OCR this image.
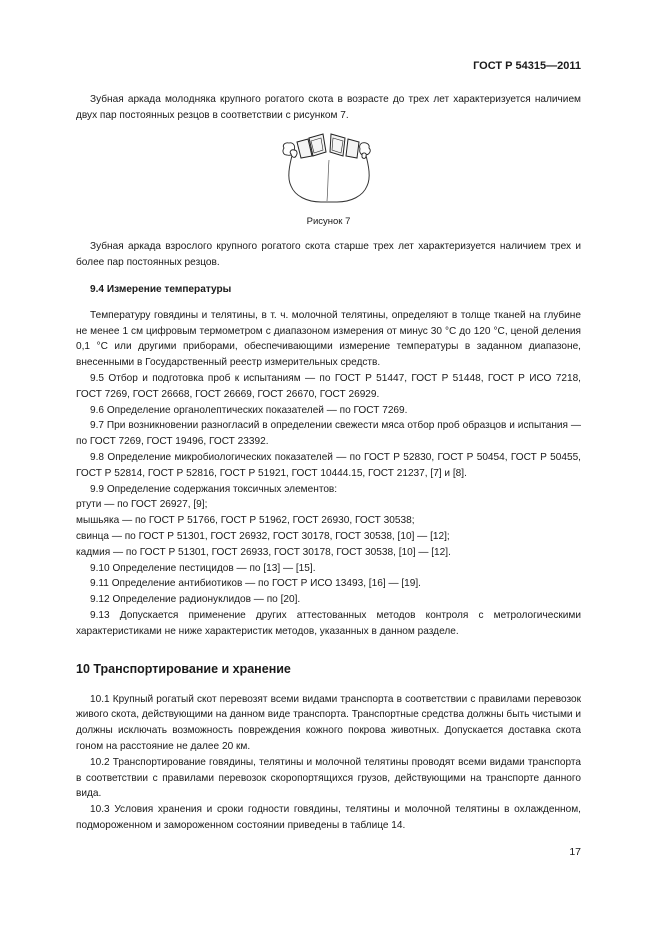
ГОСТ Р 54315—2011
Зубная аркада молодняка крупного рогатого скота в возрасте до трех лет характеризуется наличием двух пар постоянных резцов в соответствии с рисунком 7.
Рисунок 7
Зубная аркада взрослого крупного рогатого скота старше трех лет характеризуется наличием трех и более пар постоянных резцов.
9.4 Измерение температуры
Температуру говядины и телятины, в т. ч. молочной телятины, определяют в толще тканей на глубине не менее 1 см цифровым термометром с диапазоном измерения от минус 30 °С до 120 °С, ценой деления 0,1 °С или другими приборами, обеспечивающими измерение температуры в заданном диапазоне, внесенными в Государственный реестр измерительных средств.
9.5 Отбор и подготовка проб к испытаниям — по ГОСТ Р 51447, ГОСТ Р 51448, ГОСТ Р ИСО 7218, ГОСТ 7269, ГОСТ 26668, ГОСТ 26669, ГОСТ 26670, ГОСТ 26929.
9.6 Определение органолептических показателей — по ГОСТ 7269.
9.7 При возникновении разногласий в определении свежести мяса отбор проб образцов и испытания — по ГОСТ 7269, ГОСТ 19496, ГОСТ 23392.
9.8 Определение микробиологических показателей — по ГОСТ Р 52830, ГОСТ Р 50454, ГОСТ Р 50455, ГОСТ Р 52814, ГОСТ Р 52816, ГОСТ Р 51921, ГОСТ 10444.15, ГОСТ 21237, [7] и [8].
9.9 Определение содержания токсичных элементов:
ртути — по ГОСТ 26927, [9];
мышьяка — по ГОСТ Р 51766, ГОСТ Р 51962, ГОСТ 26930, ГОСТ 30538;
свинца — по ГОСТ Р 51301, ГОСТ 26932, ГОСТ 30178, ГОСТ 30538, [10] — [12];
кадмия — по ГОСТ Р 51301, ГОСТ 26933, ГОСТ 30178, ГОСТ 30538, [10] — [12].
9.10 Определение пестицидов — по [13] — [15].
9.11 Определение антибиотиков — по ГОСТ Р ИСО 13493, [16] — [19].
9.12 Определение радионуклидов — по [20].
9.13 Допускается применение других аттестованных методов контроля с метрологическими характеристиками не ниже характеристик методов, указанных в данном разделе.
10 Транспортирование и хранение
10.1 Крупный рогатый скот перевозят всеми видами транспорта в соответствии с правилами перевозок живого скота, действующими на данном виде транспорта. Транспортные средства должны быть чистыми и должны исключать возможность повреждения кожного покрова животных. Допускается доставка скота гоном на расстояние не далее 20 км.
10.2 Транспортирование говядины, телятины и молочной телятины проводят всеми видами транспорта в соответствии с правилами перевозок скоропортящихся грузов, действующими на транспорте данного вида.
10.3 Условия хранения и сроки годности говядины, телятины и молочной телятины в охлажденном, подмороженном и замороженном состоянии приведены в таблице 14.
17
